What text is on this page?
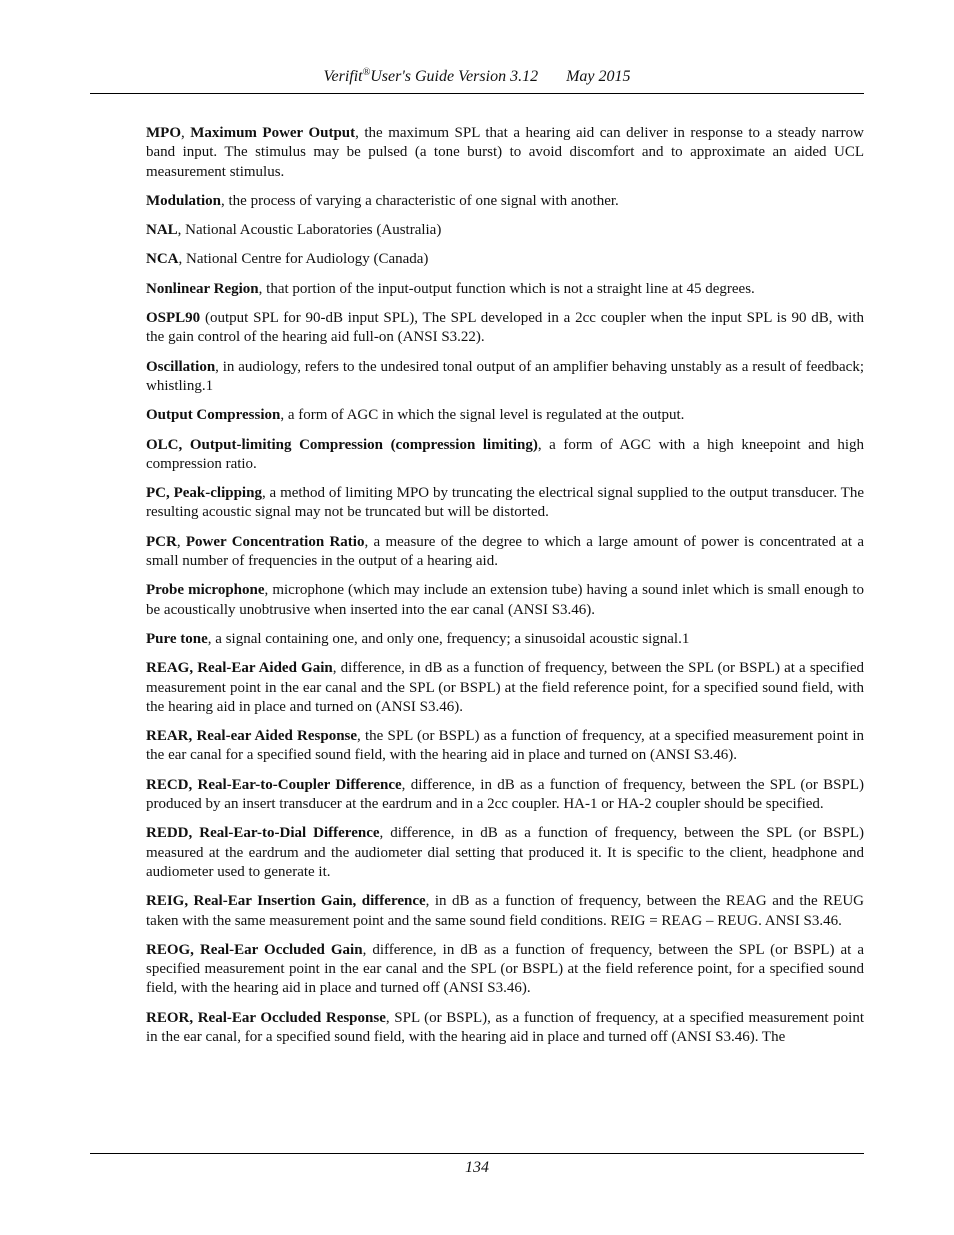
Verifit®User's Guide Version 3.12 May 2015

MPO, Maximum Power Output, the maximum SPL that a hearing aid can deliver in response to a steady narrow band input. The stimulus may be pulsed (a tone burst) to avoid discomfort and to approximate an aided UCL measurement stimulus.

Modulation, the process of varying a characteristic of one signal with another.

NAL, National Acoustic Laboratories (Australia)

NCA, National Centre for Audiology (Canada)

Nonlinear Region, that portion of the input-output function which is not a straight line at 45 degrees.

OSPL90 (output SPL for 90-dB input SPL), The SPL developed in a 2cc coupler when the input SPL is 90 dB, with the gain control of the hearing aid full-on (ANSI S3.22).

Oscillation, in audiology, refers to the undesired tonal output of an amplifier behaving unstably as a result of feedback; whistling.1

Output Compression, a form of AGC in which the signal level is regulated at the output.

OLC, Output-limiting Compression (compression limiting), a form of AGC with a high kneepoint and high compression ratio.

PC, Peak-clipping, a method of limiting MPO by truncating the electrical signal supplied to the output transducer. The resulting acoustic signal may not be truncated but will be distorted.

PCR, Power Concentration Ratio, a measure of the degree to which a large amount of power is concentrated at a small number of frequencies in the output of a hearing aid.

Probe microphone, microphone (which may include an extension tube) having a sound inlet which is small enough to be acoustically unobtrusive when inserted into the ear canal (ANSI S3.46).

Pure tone, a signal containing one, and only one, frequency; a sinusoidal acoustic signal.1

REAG, Real-Ear Aided Gain, difference, in dB as a function of frequency, between the SPL (or BSPL) at a specified measurement point in the ear canal and the SPL (or BSPL) at the field reference point, for a specified sound field, with the hearing aid in place and turned on (ANSI S3.46).

REAR, Real-ear Aided Response, the SPL (or BSPL) as a function of frequency, at a specified measurement point in the ear canal for a specified sound field, with the hearing aid in place and turned on (ANSI S3.46).

RECD, Real-Ear-to-Coupler Difference, difference, in dB as a function of frequency, between the SPL (or BSPL) produced by an insert transducer at the eardrum and in a 2cc coupler. HA-1 or HA-2 coupler should be specified.

REDD, Real-Ear-to-Dial Difference, difference, in dB as a function of frequency, between the SPL (or BSPL) measured at the eardrum and the audiometer dial setting that produced it. It is specific to the client, headphone and audiometer used to generate it.

REIG, Real-Ear Insertion Gain, difference, in dB as a function of frequency, between the REAG and the REUG taken with the same measurement point and the same sound field conditions. REIG = REAG – REUG. ANSI S3.46.

REOG, Real-Ear Occluded Gain, difference, in dB as a function of frequency, between the SPL (or BSPL) at a specified measurement point in the ear canal and the SPL (or BSPL) at the field reference point, for a specified sound field, with the hearing aid in place and turned off (ANSI S3.46).

REOR, Real-Ear Occluded Response, SPL (or BSPL), as a function of frequency, at a specified measurement point in the ear canal, for a specified sound field, with the hearing aid in place and turned off (ANSI S3.46). The

134
